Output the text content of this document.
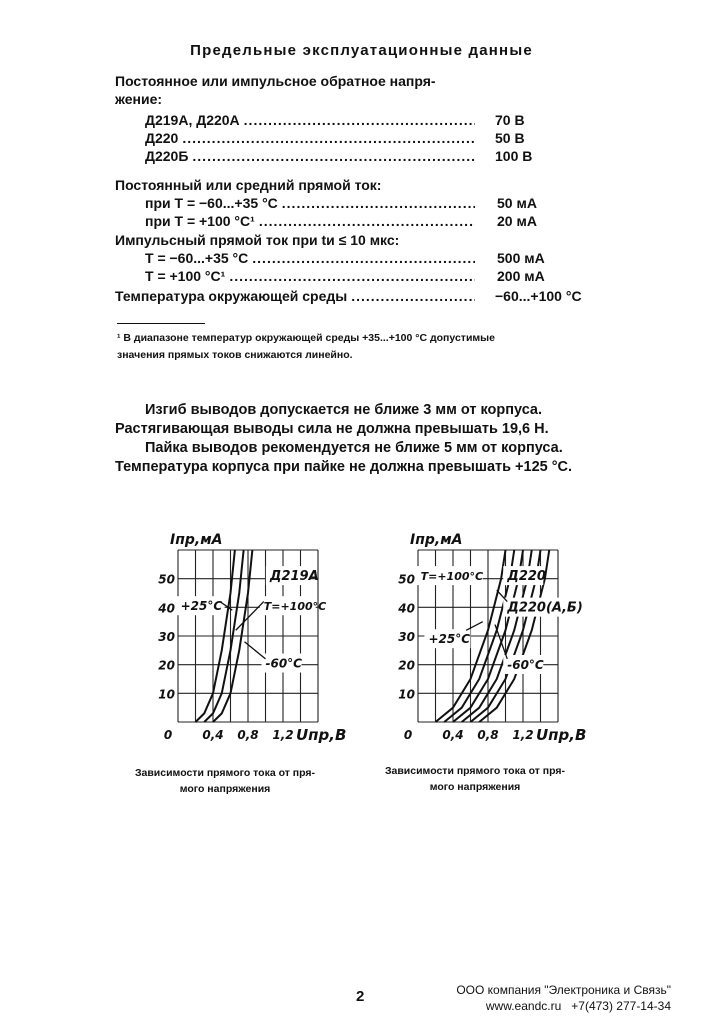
Предельные эксплуатационные данные
Постоянное или импульсное обратное напря-
жение:
Д219А, Д220А .....	70 В
Д220 .....	50 В
Д220Б .....	100 В
Постоянный или средний прямой ток:
при T = −60...+35 °C .....	50 мА
при T = +100 °C¹ .....	20 мА
Импульсный прямой ток при tи ≤ 10 мкс:
T = −60...+35 °C .....	500 мА
T = +100 °C¹ .....	200 мА
Температура окружающей среды .....	−60...+100 °C
¹ В диапазоне температур окружающей среды +35...+100 °C допустимые
значения прямых токов снижаются линейно.
Изгиб выводов допускается не ближе 3 мм от корпуса.
Растягивающая выводы сила не должна превышать 19,6 Н.
Пайка выводов рекомендуется не ближе 5 мм от корпуса.
Температура корпуса при пайке не должна превышать +125 °C.
10
20
30
40
50
0	0,4 0,8 1,2
Iпр,мА
Uпр,В
Д219А
+25°C	T=+100°C
-60°C
10
20
30
40
50
0	0,4 0,8 1,2
Iпр,мА
Uпр,В
T=+100°C Д220
Д220(А,Б)
+25°C
-60°C
Зависимости прямого тока от пря-
мого напряжения
Зависимости прямого тока от пря-
мого напряжения
2	ООО компания "Электроника и Связь"
www.eandc.ru   +7(473) 277-14-34
